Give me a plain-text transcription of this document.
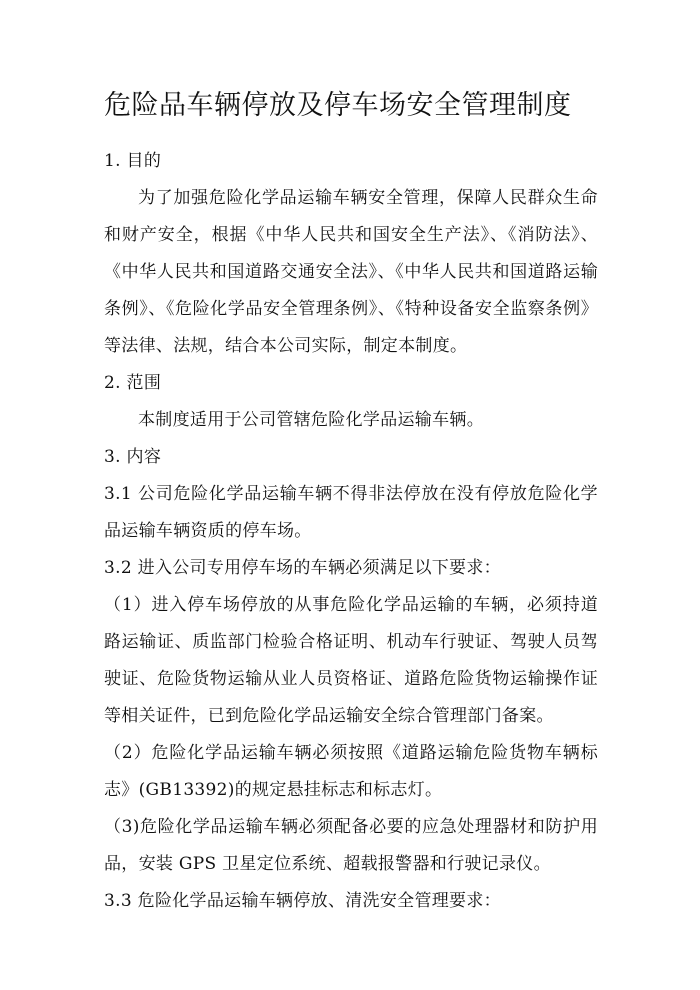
危险品车辆停放及停车场安全管理制度

1. 目的

为了加强危险化学品运输车辆安全管理，保障人民群众生命和财产安全，根据《中华人民共和国安全生产法》、《消防法》、《中华人民共和国道路交通安全法》、《中华人民共和国道路运输条例》、《危险化学品安全管理条例》、《特种设备安全监察条例》等法律、法规，结合本公司实际，制定本制度。

2. 范围

本制度适用于公司管辖危险化学品运输车辆。

3. 内容

3.1 公司危险化学品运输车辆不得非法停放在没有停放危险化学品运输车辆资质的停车场。

3.2 进入公司专用停车场的车辆必须满足以下要求：

（1）进入停车场停放的从事危险化学品运输的车辆，必须持道路运输证、质监部门检验合格证明、机动车行驶证、驾驶人员驾驶证、危险货物运输从业人员资格证、道路危险货物运输操作证等相关证件，已到危险化学品运输安全综合管理部门备案。

（2）危险化学品运输车辆必须按照《道路运输危险货物车辆标志》(GB13392)的规定悬挂标志和标志灯。

（3)危险化学品运输车辆必须配备必要的应急处理器材和防护用品，安装 GPS 卫星定位系统、超载报警器和行驶记录仪。

3.3 危险化学品运输车辆停放、清洗安全管理要求：
